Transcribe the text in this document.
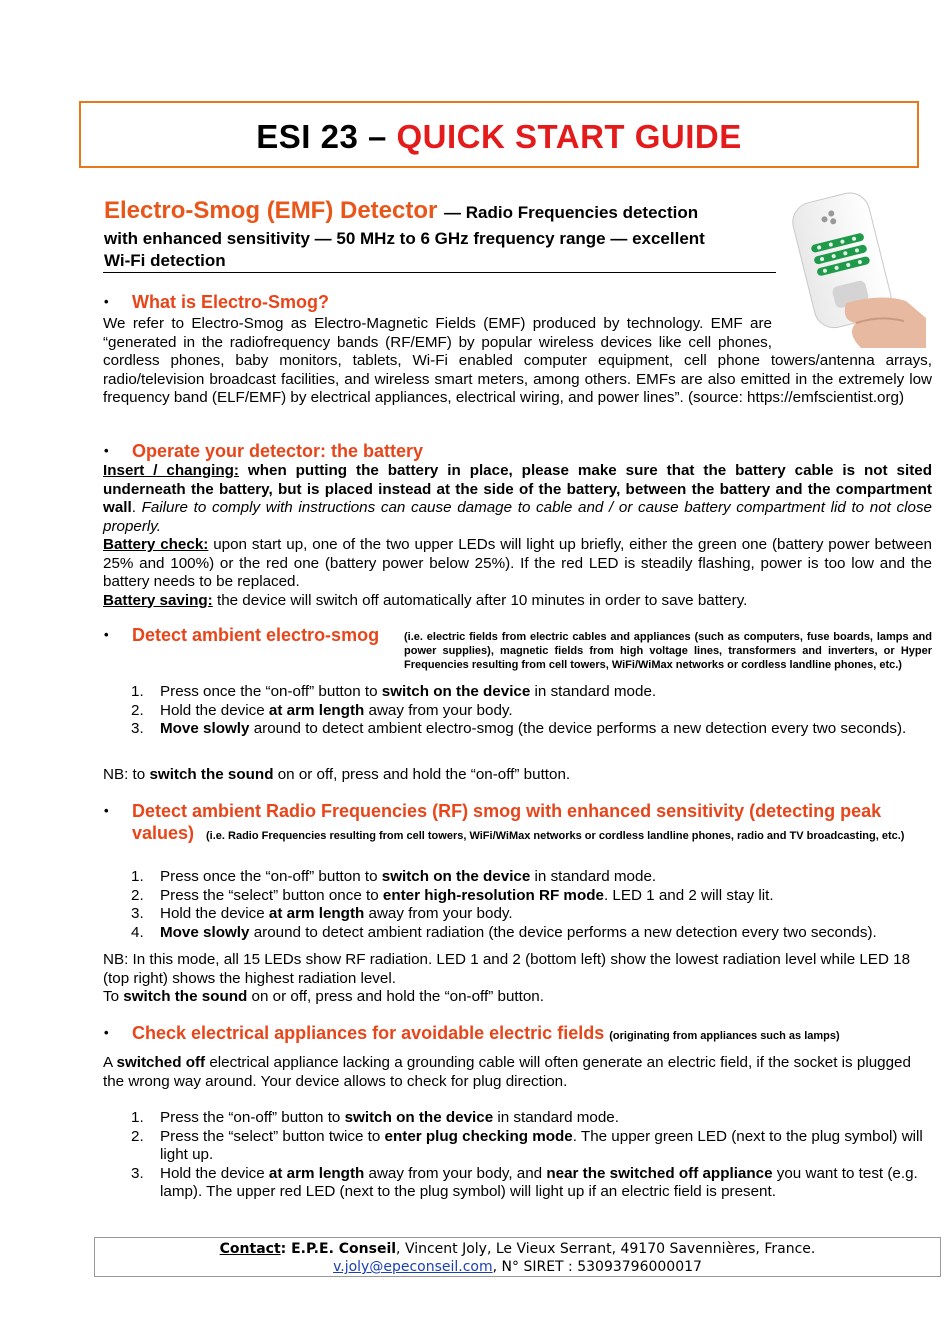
ESI 23 – QUICK START GUIDE
Electro-Smog (EMF) Detector — Radio Frequencies detection
with enhanced sensitivity — 50 MHz to 6 GHz frequency range — excellent
Wi-Fi detection
• What is Electro-Smog?
We refer to Electro-Smog as Electro-Magnetic Fields (EMF) produced by technology. EMF are “generated in the radiofrequency bands (RF/EMF) by popular wireless devices like cell phones, cordless phones, baby monitors, tablets, Wi-Fi enabled computer equipment, cell phone towers/antenna arrays, radio/television broadcast facilities, and wireless smart meters, among others. EMFs are also emitted in the extremely low frequency band (ELF/EMF) by electrical appliances, electrical wiring, and power lines”. (source: https://emfscientist.org)
• Operate your detector: the battery
Insert / changing: when putting the battery in place, please make sure that the battery cable is not sited underneath the battery, but is placed instead at the side of the battery, between the battery and the compartment wall. Failure to comply with instructions can cause damage to cable and / or cause battery compartment lid to not close properly.
Battery check: upon start up, one of the two upper LEDs will light up briefly, either the green one (battery power between 25% and 100%) or the red one (battery power below 25%). If the red LED is steadily flashing, power is too low and the battery needs to be replaced.
Battery saving: the device will switch off automatically after 10 minutes in order to save battery.
• Detect ambient electro-smog (i.e. electric fields from electric cables and appliances (such as computers, fuse boards, lamps and power supplies), magnetic fields from high voltage lines, transformers and inverters, or Hyper Frequencies resulting from cell towers, WiFi/WiMax networks or cordless landline phones, etc.)
1. Press once the “on-off” button to switch on the device in standard mode.
2. Hold the device at arm length away from your body.
3. Move slowly around to detect ambient electro-smog (the device performs a new detection every two seconds).
NB: to switch the sound on or off, press and hold the “on-off” button.
• Detect ambient Radio Frequencies (RF) smog with enhanced sensitivity (detecting peak
values)	(i.e. Radio Frequencies resulting from cell towers, WiFi/WiMax networks or cordless landline phones, radio and TV broadcasting, etc.)
1. Press once the “on-off” button to switch on the device in standard mode.
2. Press the “select” button once to enter high-resolution RF mode. LED 1 and 2 will stay lit.
3. Hold the device at arm length away from your body.
4. Move slowly around to detect ambient radiation (the device performs a new detection every two seconds).
NB: In this mode, all 15 LEDs show RF radiation. LED 1 and 2 (bottom left) show the lowest radiation level while LED 18 (top right) shows the highest radiation level.
To switch the sound on or off, press and hold the “on-off” button.
• Check electrical appliances for avoidable electric fields (originating from appliances such as lamps)
A switched off electrical appliance lacking a grounding cable will often generate an electric field, if the socket is plugged the wrong way around. Your device allows to check for plug direction.
1. Press the “on-off” button to switch on the device in standard mode.
2. Press the “select” button twice to enter plug checking mode. The upper green LED (next to the plug symbol) will light up.
3. Hold the device at arm length away from your body, and near the switched off appliance you want to test (e.g. lamp). The upper red LED (next to the plug symbol) will light up if an electric field is present.
Contact: E.P.E. Conseil, Vincent Joly, Le Vieux Serrant, 49170 Savennières, France.
v.joly@epeconseil.com, N° SIRET : 53093796000017
